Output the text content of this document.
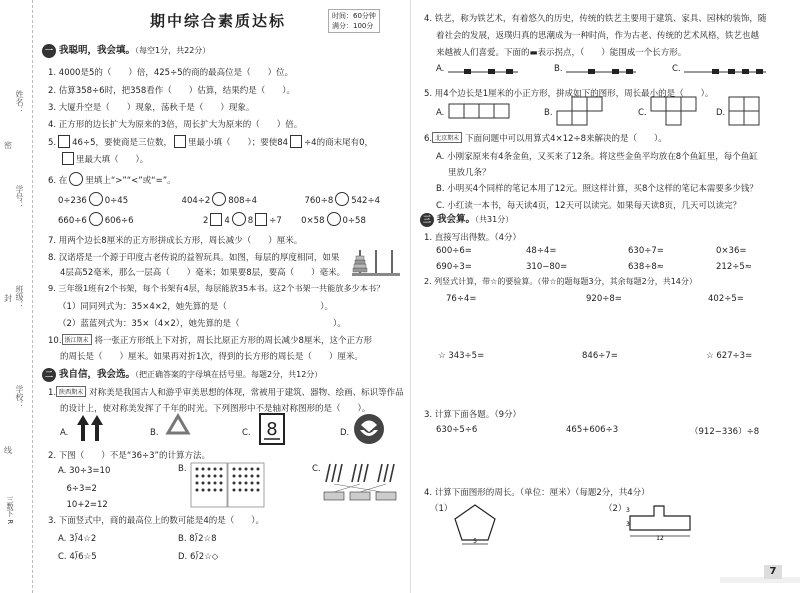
姓名：
密
学号：
班级：
封
学校：
线
三数下 R
期中综合素质达标	时间：60分钟
满分：100分
一 我聪明，我会填。（每空1分，共22分）
1. 4000是5的（　　）倍，425÷5的商的最高位是（　　）位。
2. 估算358÷6时，把358看作（　　）估算，结果约是（　　）。
3. 大厦升空是（　　）现象，荡秋千是（　　）现象。
4. 正方形的边长扩大为原来的3倍，周长扩大为原来的（　　）倍。
5. 46÷5，要使商是三位数， 里最小填（　　）；要使84 ÷4的商末尾有0，
里最大填（　　）。
6. 在 里填上“>”“<”或“=”。
0÷236 0÷45	404÷2 808÷4	760÷8 542÷4
660÷6 606÷6	2 4 8 ÷7 0×58 0÷58
7. 用两个边长8厘米的正方形拼成长方形，周长减少（　　）厘米。
8. 汉诺塔是一个源于印度古老传说的益智玩具。如图，每层的厚度相同，如果
4层高52毫米，那么一层高（　　）毫米；如果要8层，要高（　　）毫米。
9. 三年级1班有2个书架，每个书架有4层，每层能放35本书。这2个书架一共能放多少本书？
（1）同同列式为：35×4×2，她先算的是（　　　　　　　　　　　）。
（2）蓝蓝列式为：35×（4×2），她先算的是（　　　　　　　　　　　）。
10. 浙江期末 将一张正方形纸上下对折，周长比原正方形的周长减少8厘米，这个正方形
的周长是（　　）厘米。如果再对折1次，得到的长方形的周长是（　　）厘米。
二 我自信，我会选。（把正确答案的字母填在括号里。每题2分，共12分）
1. 陕西期末 对称美是我国古人和游乎审美思想的体现，常被用于建筑、器物、绘画、标识等作品
的设计上，使对称美发挥了千年的时光。下列图形中不是轴对称图形的是（　　）。
A.	B.	C. 8	D.
2. 下图（　　）不是“36÷3”的计算方法。
A. 30÷3=10
　6÷3=2
　10+2=12
B.	C.
3. 下面竖式中，商的最高位上的数可能是4的是（　　）。
A. 3⟌4☆2	B. 8⟌2☆8
C. 4⟌6☆5	D. 6⟌2☆◇
4. 铁艺，称为铁艺术，有着悠久的历史，传统的铁艺主要用于建筑、家具、园林的装饰，随
着社会的发展，返璞归真的思潮成为一种时尚，作为古老、传统的艺术风格，铁艺也越
来越被人们喜爱。下面的▬表示拐点，（　　）能围成一个长方形。
A.	B.	C.
5. 用4个边长是1厘米的小正方形，拼成如下的图形，周长最小的是（　　）。
A.	B.	C.	D.
6. 北京期末 下面问题中可以用算式4×12÷8来解决的是（　　）。
A. 小刚家原来有4条金鱼，又买来了12条。将这些金鱼平均放在8个鱼缸里，每个鱼缸
里放几条？
B. 小明买4个同样的笔记本用了12元。照这样计算，买8个这样的笔记本需要多少钱？
C. 小红读一本书，每天读4页，12天可以读完。如果每天读8页，几天可以读完？
三 我会算。（共31分）
1. 直接写出得数。（4分）
600÷6=	48÷4=	630÷7=	0×36=
690÷3=	310−80=	638÷8≈	212÷5≈
2. 列竖式计算，带☆的要验算。（带☆的题每题3分，其余每题2分，共14分）
76÷4=	920÷8=	402÷5=
☆ 343÷5=	846÷7=	☆ 627÷3=
3. 计算下面各题。（9分）
630÷5÷6	465+606÷3	（912−336）÷8
4. 计算下面图形的周长。（单位：厘米）（每题2分，共4分）
（1）
5
（2） 3
3
12
7
